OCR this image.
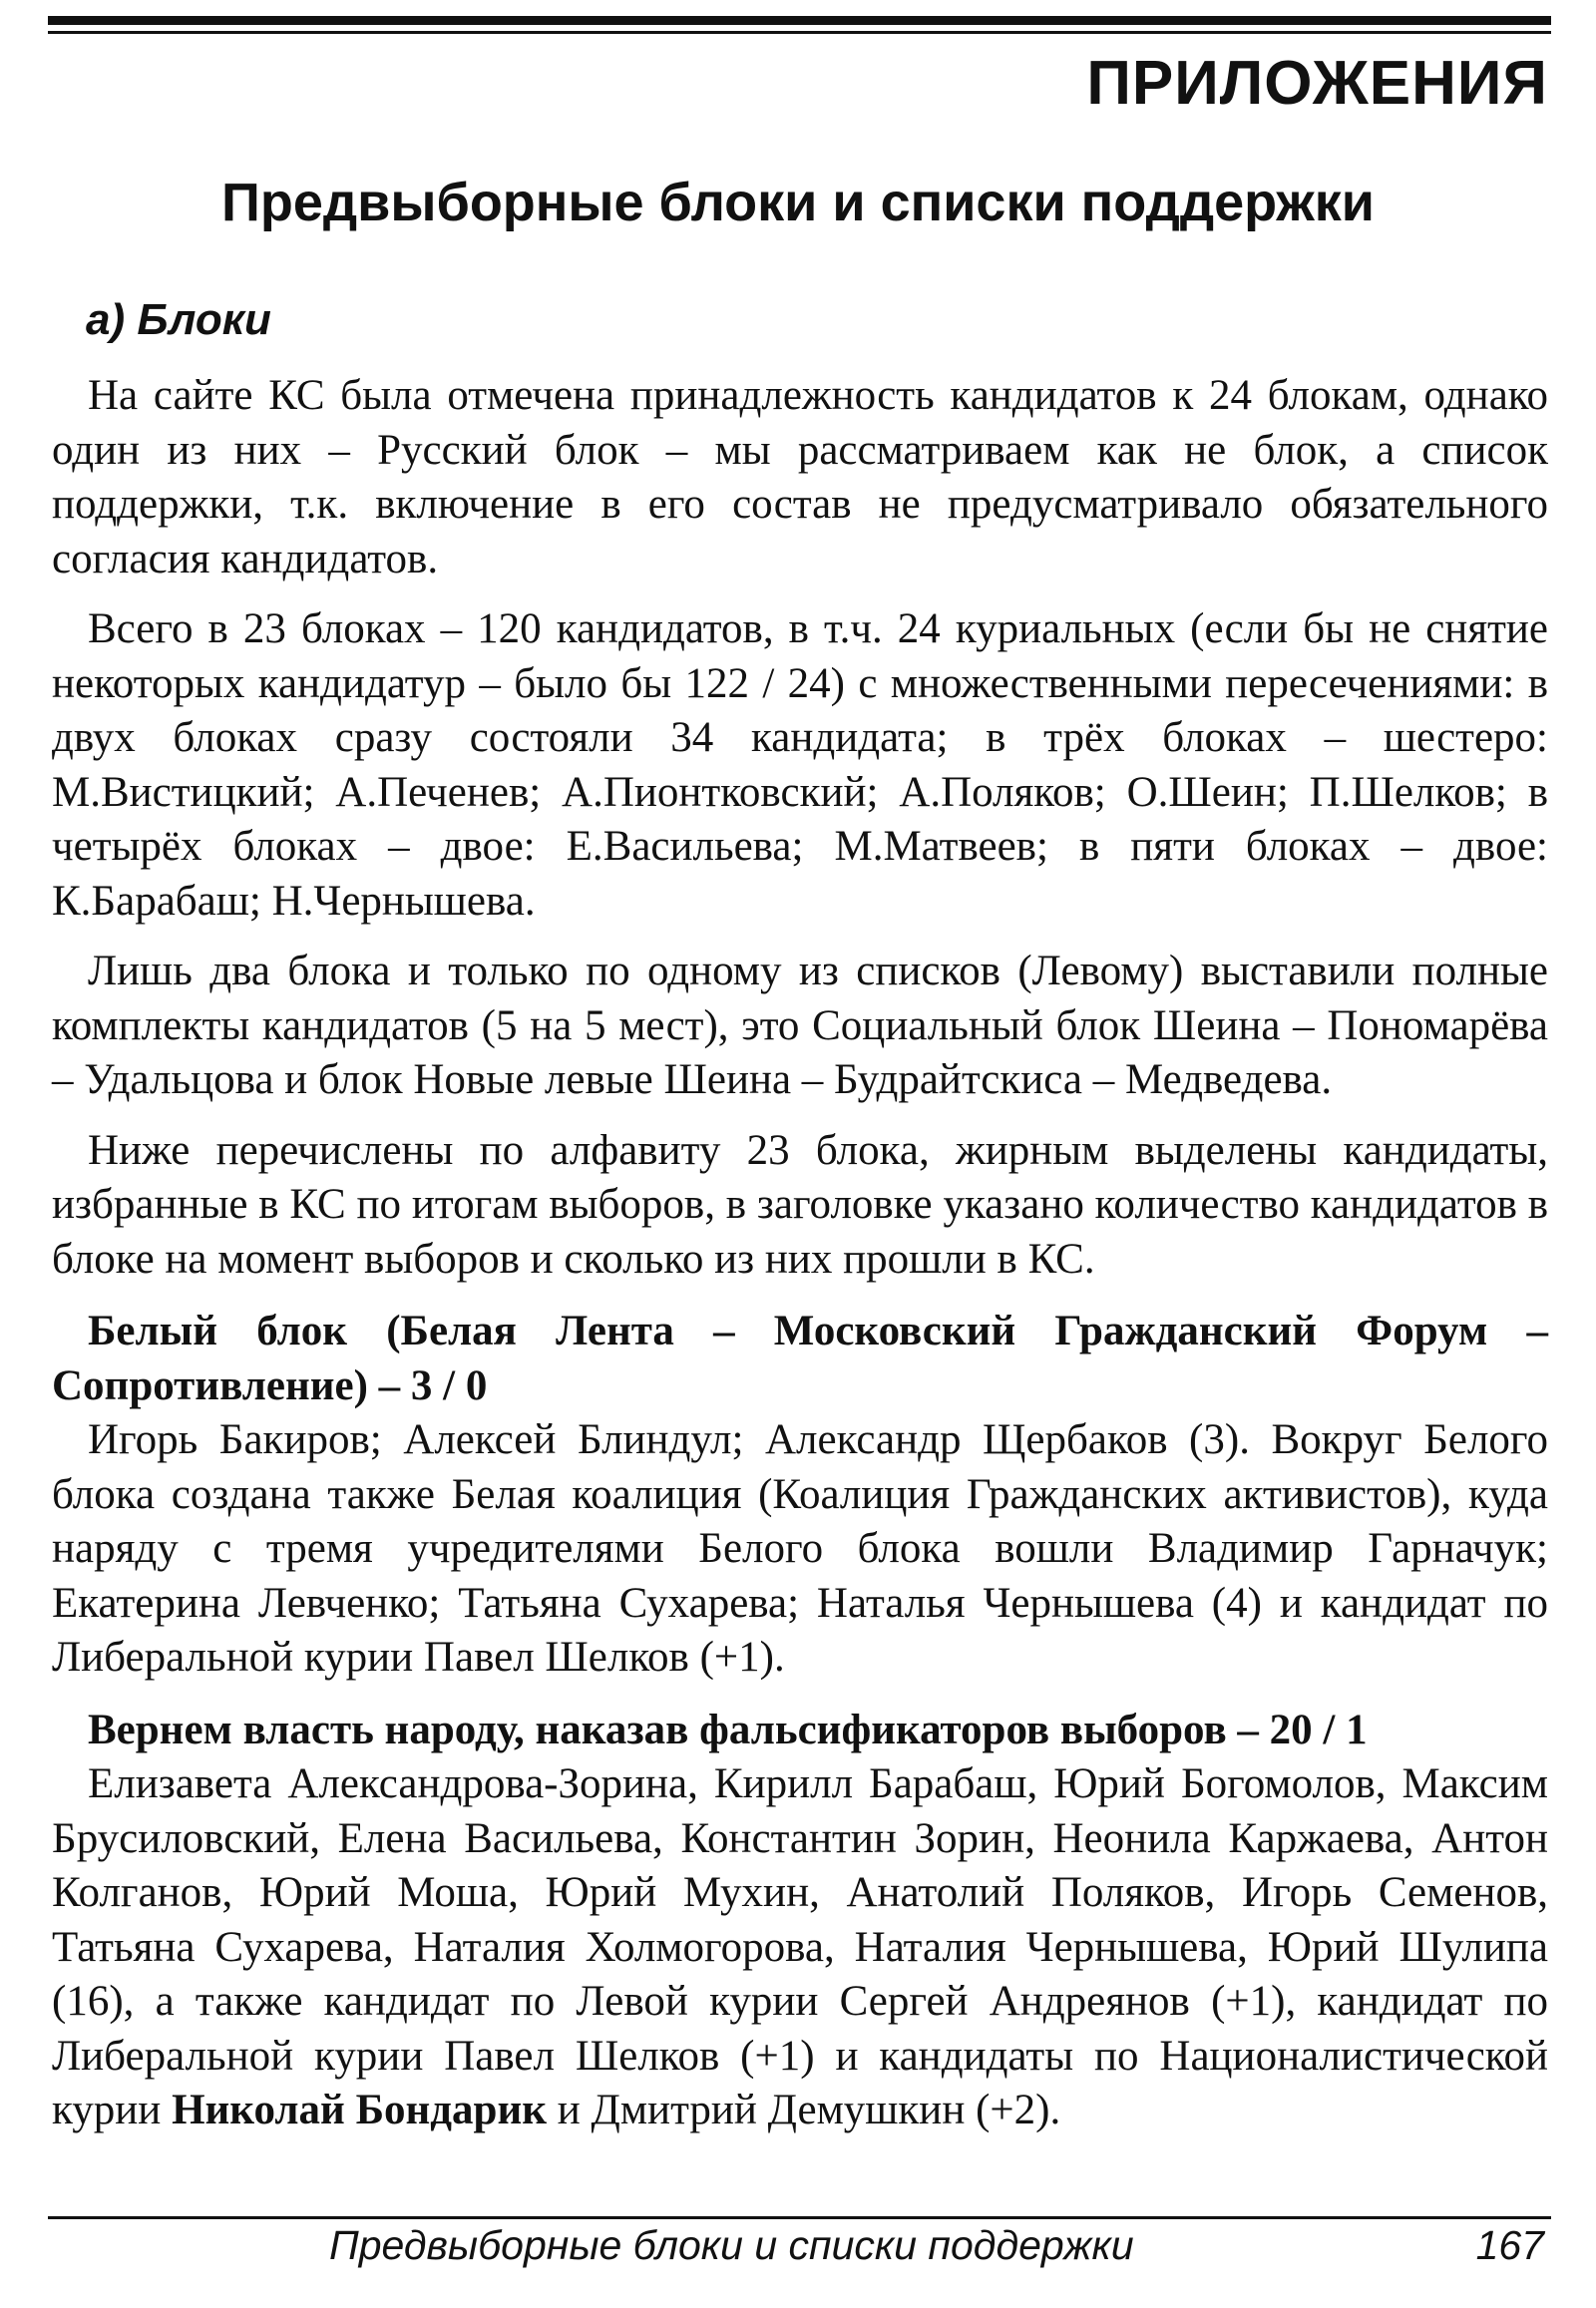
ПРИЛОЖЕНИЯ
Предвыборные блоки и списки поддержки
а) Блоки

На сайте КС была отмечена принадлежность кандидатов к 24 блокам, однако один из них – Русский блок – мы рассматриваем как не блок, а список поддержки, т.к. включение в его состав не предусматривало обязательного согласия кандидатов.

Всего в 23 блоках – 120 кандидатов, в т.ч. 24 куриальных (если бы не снятие некоторых кандидатур – было бы 122 / 24) с множественными пересечениями: в двух блоках сразу состояли 34 кандидата; в трёх блоках – шестеро: М.Вистицкий; А.Печенев; А.Пионтковский; А.Поляков; О.Шеин; П.Шелков; в четырёх блоках – двое: Е.Васильева; М.Матвеев; в пяти блоках – двое: К.Барабаш; Н.Чернышева.

Лишь два блока и только по одному из списков (Левому) выставили полные комплекты кандидатов (5 на 5 мест), это Социальный блок Шеина – Пономарёва – Удальцова и блок Новые левые Шеина – Будрайтскиса – Медведева.

Ниже перечислены по алфавиту 23 блока, жирным выделены кандидаты, избранные в КС по итогам выборов, в заголовке указано количество кандидатов в блоке на момент выборов и сколько из них прошли в КС.

Белый блок (Белая Лента – Московский Гражданский Форум – Сопротивление) – 3 / 0

Игорь Бакиров; Алексей Блиндул; Александр Щербаков (3). Вокруг Белого блока создана также Белая коалиция (Коалиция Гражданских активистов), куда наряду с тремя учредителями Белого блока вошли Владимир Гарначук; Екатерина Левченко; Татьяна Сухарева; Наталья Чернышева (4) и кандидат по Либеральной курии Павел Шелков (+1).

Вернем власть народу, наказав фальсификаторов выборов – 20 / 1

Елизавета Александрова-Зорина, Кирилл Барабаш, Юрий Богомолов, Максим Брусиловский, Елена Васильева, Константин Зорин, Неонила Каржаева, Антон Колганов, Юрий Моша, Юрий Мухин, Анатолий Поляков, Игорь Семенов, Татьяна Сухарева, Наталия Холмогорова, Наталия Чернышева, Юрий Шулипа (16), а также кандидат по Левой курии Сергей Андреянов (+1), кандидат по Либеральной курии Павел Шелков (+1) и кандидаты по Националистической курии Николай Бондарик и Дмитрий Демушкин (+2).

Предвыборные блоки и списки поддержки	167
